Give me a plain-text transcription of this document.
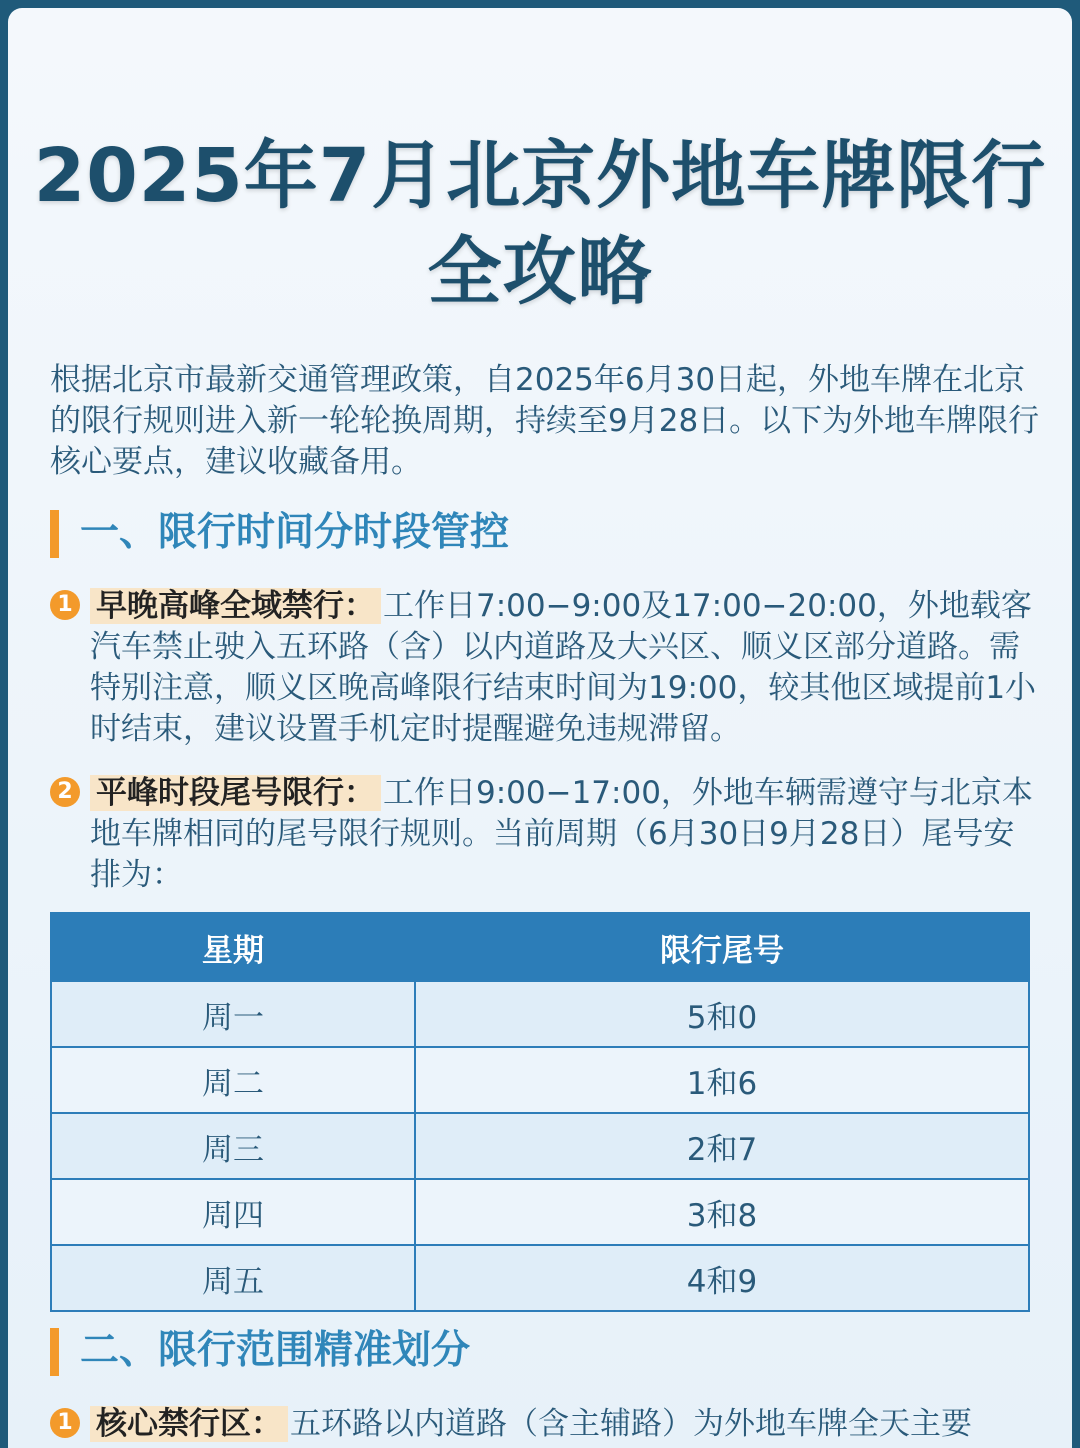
2025年7月北京外地车牌限行全攻略
根据北京市最新交通管理政策，自2025年6月30日起，外地车牌在北京的限行规则进入新一轮轮换周期，持续至9月28日。以下为外地车牌限行核心要点，建议收藏备用。
一、限行时间分时段管控
1 早晚高峰全域禁行： 工作日7:00−9:00及17:00−20:00，外地载客汽车禁止驶入五环路（含）以内道路及大兴区、顺义区部分道路。需特别注意，顺义区晚高峰限行结束时间为19:00，较其他区域提前1小时结束，建议设置手机定时提醒避免违规滞留。
2 平峰时段尾号限行： 工作日9:00−17:00，外地车辆需遵守与北京本地车牌相同的尾号限行规则。当前周期（6月30日9月28日）尾号安排为：
星期	限行尾号
周一	5和0
周二	1和6
周三	2和7
周四	3和8
周五	4和9
二、限行范围精准划分
1 核心禁行区： 五环路以内道路（含主辅路）为外地车牌全天主要
